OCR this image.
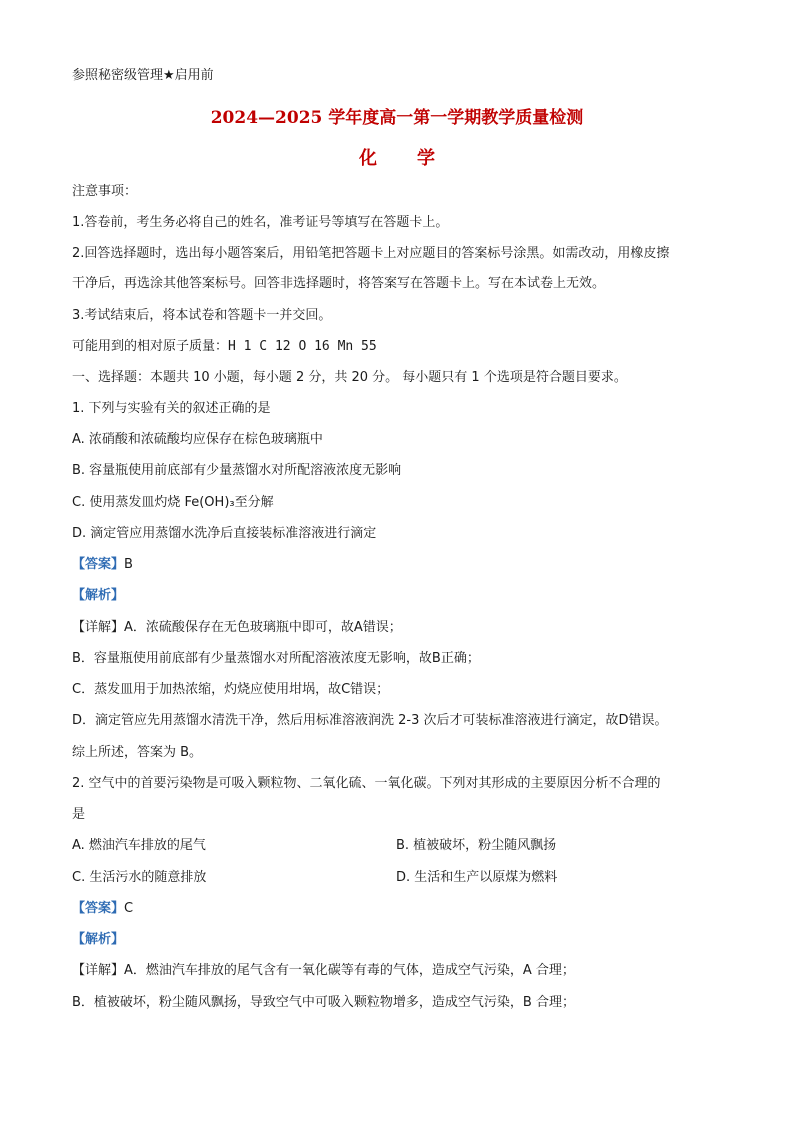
参照秘密级管理★启用前
2024—2025 学年度高一第一学期教学质量检测
化学
注意事项：
1.答卷前，考生务必将自己的姓名，准考证号等填写在答题卡上。
2.回答选择题时，选出每小题答案后，用铅笔把答题卡上对应题目的答案标号涂黑。如需改动，用橡皮擦
干净后，再选涂其他答案标号。回答非选择题时，将答案写在答题卡上。写在本试卷上无效。
3.考试结束后，将本试卷和答题卡一并交回。
可能用到的相对原子质量：H 1 C 12 O 16 Mn 55
一、选择题：本题共 10 小题，每小题 2 分，共 20 分。 每小题只有 1 个选项是符合题目要求。
1. 下列与实验有关的叙述正确的是
A. 浓硝酸和浓硫酸均应保存在棕色玻璃瓶中
B. 容量瓶使用前底部有少量蒸馏水对所配溶液浓度无影响
C. 使用蒸发皿灼烧 Fe(OH)₃至分解
D. 滴定管应用蒸馏水洗净后直接装标准溶液进行滴定
【答案】B
【解析】
【详解】A．浓硫酸保存在无色玻璃瓶中即可，故A错误；
B．容量瓶使用前底部有少量蒸馏水对所配溶液浓度无影响，故B正确；
C．蒸发皿用于加热浓缩，灼烧应使用坩埚，故C错误；
D．滴定管应先用蒸馏水清洗干净，然后用标准溶液润洗 2-3 次后才可装标准溶液进行滴定，故D错误。
综上所述，答案为 B。
2. 空气中的首要污染物是可吸入颗粒物、二氧化硫、一氧化碳。下列对其形成的主要原因分析不合理的
是
A. 燃油汽车排放的尾气	B. 植被破坏，粉尘随风飘扬
C. 生活污水的随意排放	D. 生活和生产以原煤为燃料
【答案】C
【解析】
【详解】A．燃油汽车排放的尾气含有一氧化碳等有毒的气体，造成空气污染，A 合理；
B．植被破坏，粉尘随风飘扬，导致空气中可吸入颗粒物增多，造成空气污染，B 合理；
